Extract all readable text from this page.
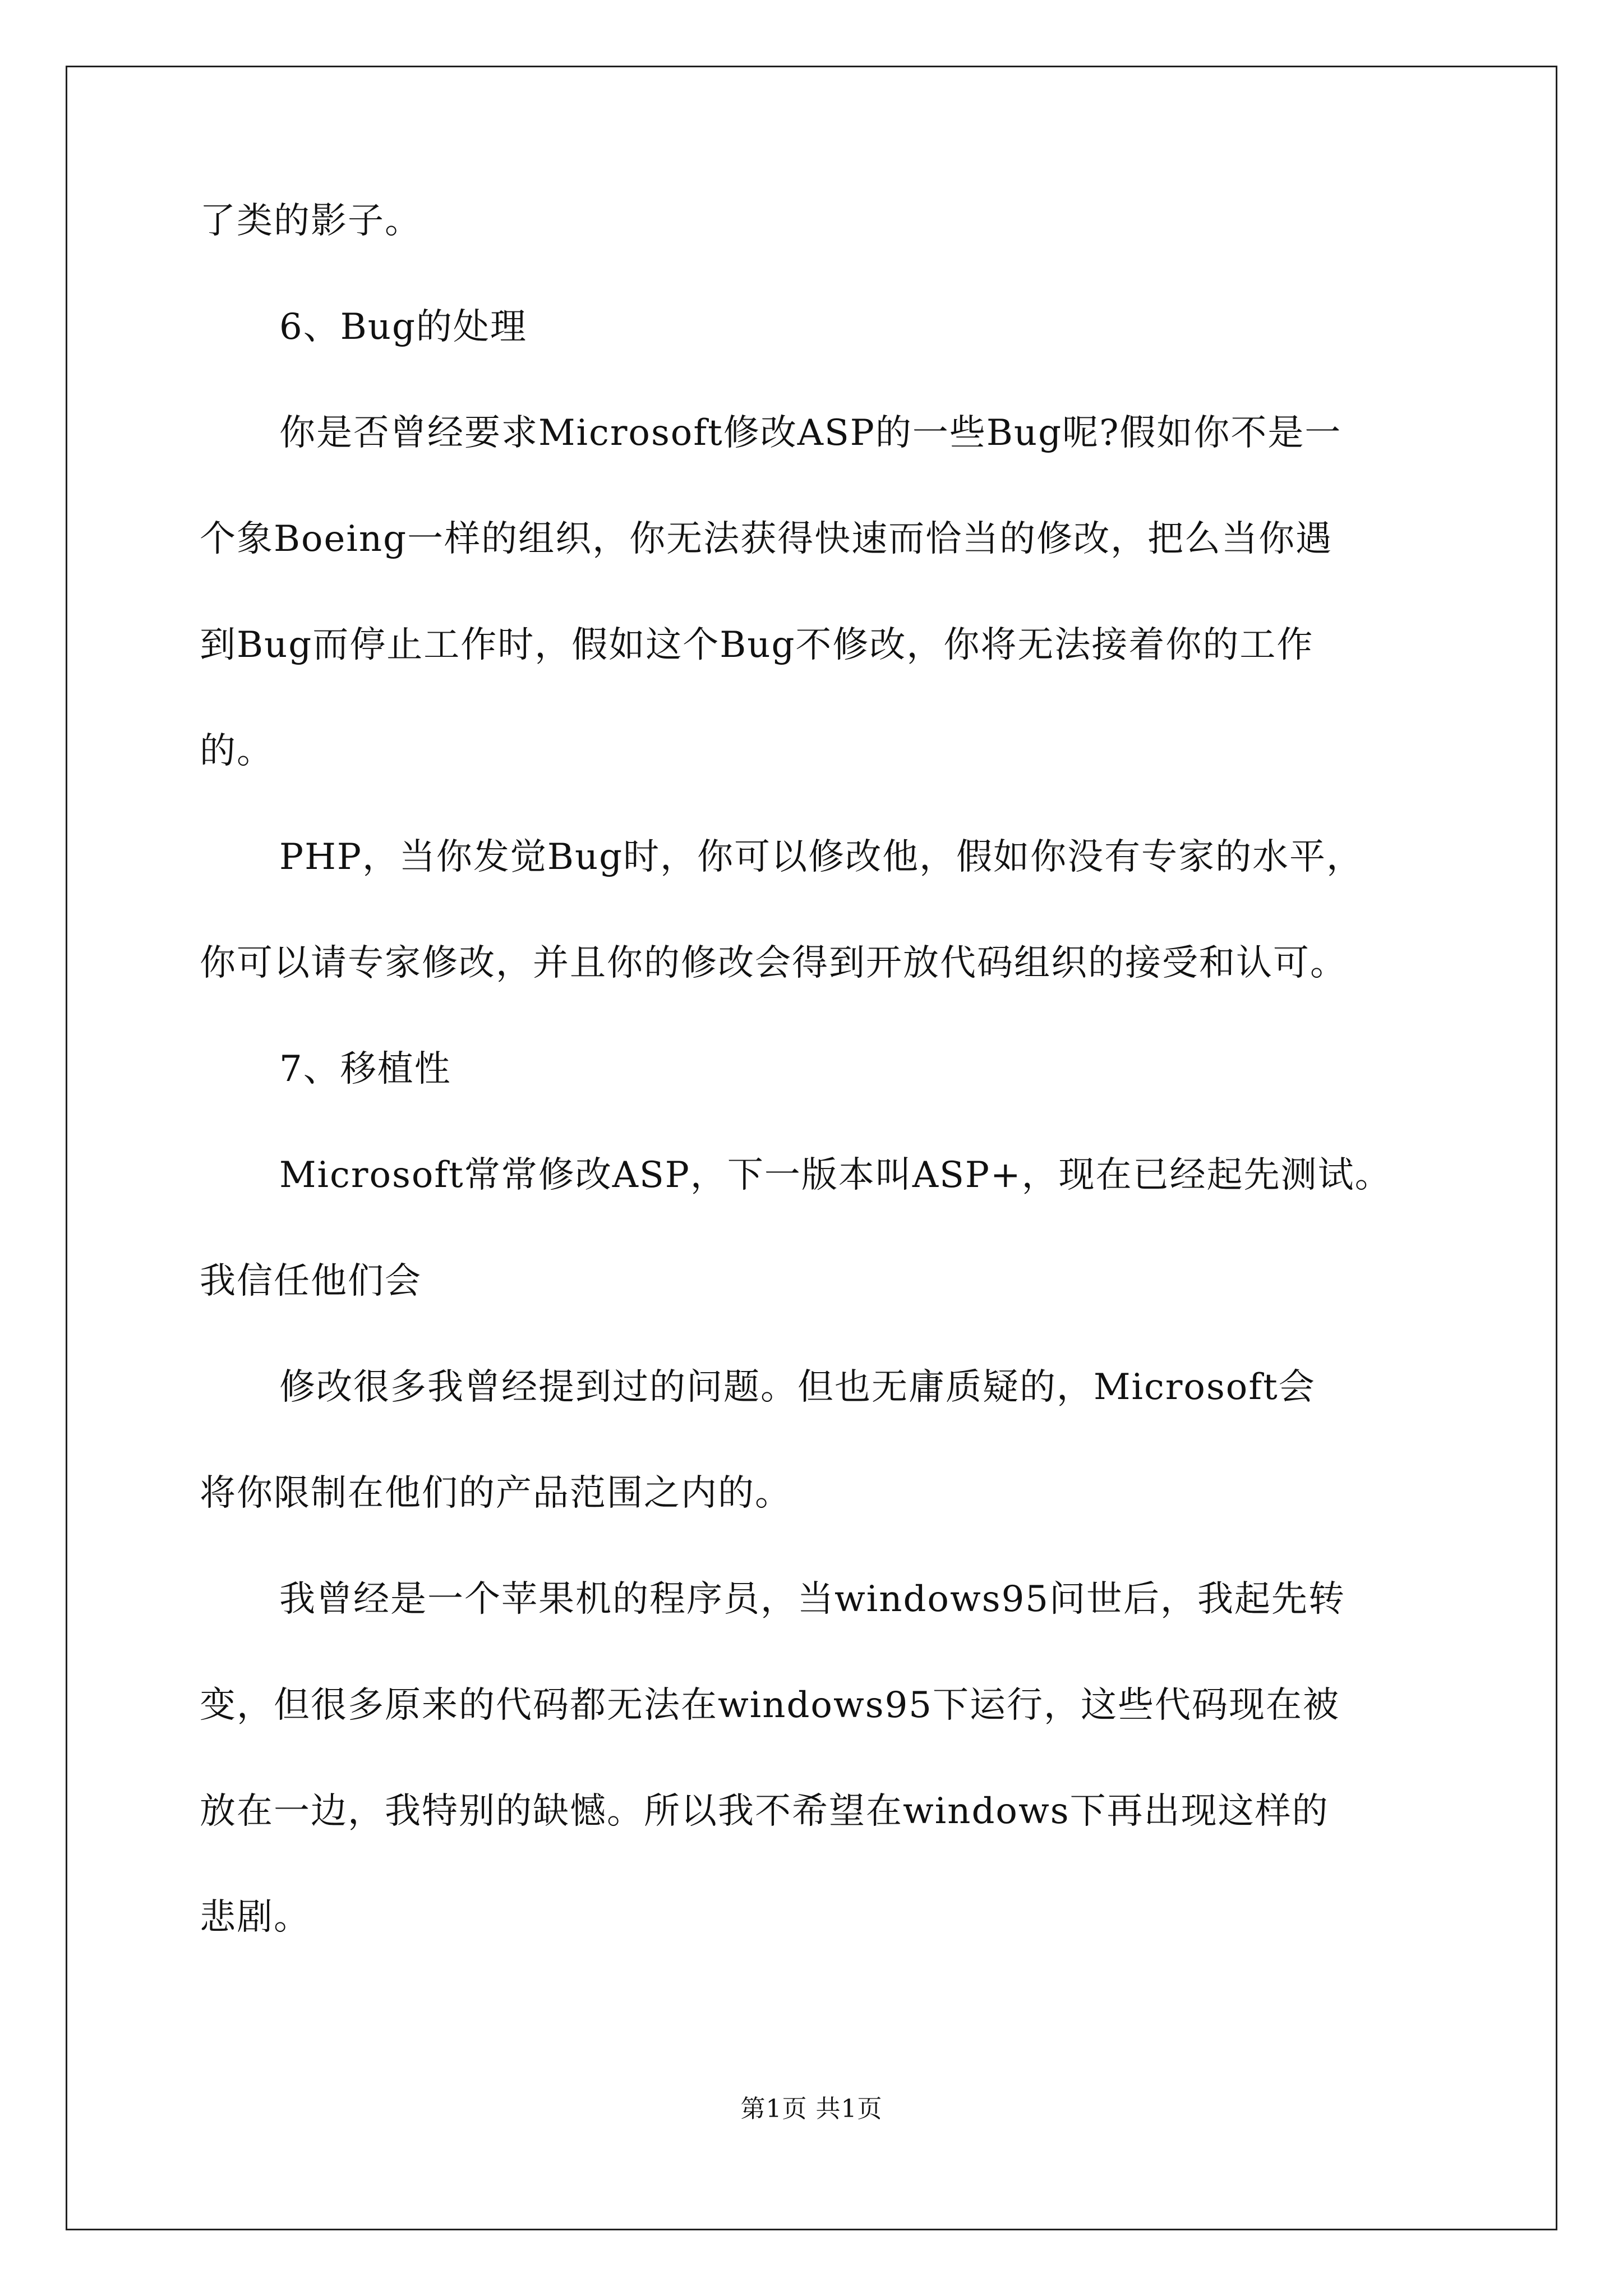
了类的影子。
6、Bug的处理
你是否曾经要求Microsoft修改ASP的一些Bug呢?假如你不是一
个象Boeing一样的组织，你无法获得快速而恰当的修改，把么当你遇
到Bug而停止工作时，假如这个Bug不修改，你将无法接着你的工作
的。
PHP，当你发觉Bug时，你可以修改他，假如你没有专家的水平，
你可以请专家修改，并且你的修改会得到开放代码组织的接受和认可。
7、移植性
Microsoft常常修改ASP，下一版本叫ASP+，现在已经起先测试。
我信任他们会
修改很多我曾经提到过的问题。但也无庸质疑的，Microsoft会
将你限制在他们的产品范围之内的。
我曾经是一个苹果机的程序员，当windows95问世后，我起先转
变，但很多原来的代码都无法在windows95下运行，这些代码现在被
放在一边，我特别的缺憾。所以我不希望在windows下再出现这样的
悲剧。
第1页 共1页
